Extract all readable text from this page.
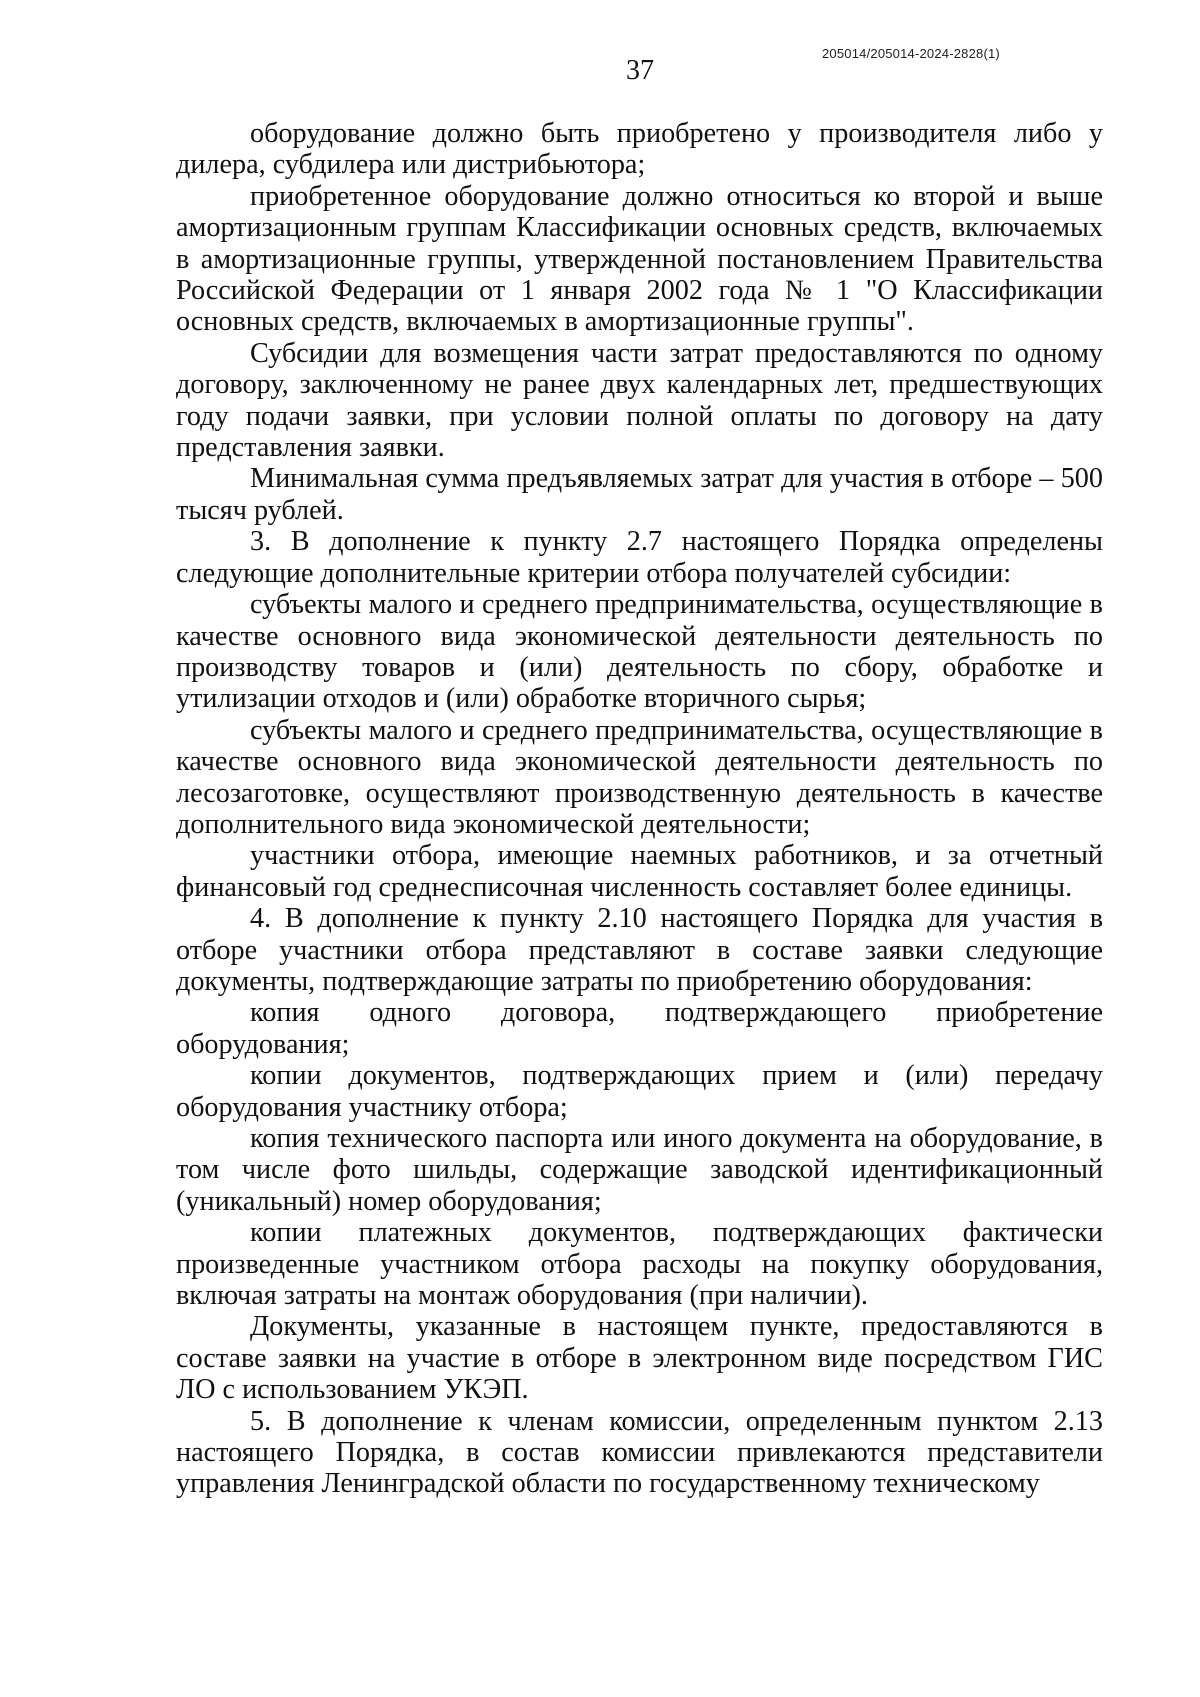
205014/205014-2024-2828(1)
37

оборудование должно быть приобретено у производителя либо у дилера, субдилера или дистрибьютора;

приобретенное оборудование должно относиться ко второй и выше амортизационным группам Классификации основных средств, включаемых в амортизационные группы, утвержденной постановлением Правительства Российской Федерации от 1 января 2002 года № 1 "О Классификации основных средств, включаемых в амортизационные группы".

Субсидии для возмещения части затрат предоставляются по одному договору, заключенному не ранее двух календарных лет, предшествующих году подачи заявки, при условии полной оплаты по договору на дату представления заявки.

Минимальная сумма предъявляемых затрат для участия в отборе – 500 тысяч рублей.

3. В дополнение к пункту 2.7 настоящего Порядка определены следующие дополнительные критерии отбора получателей субсидии:

субъекты малого и среднего предпринимательства, осуществляющие в качестве основного вида экономической деятельности деятельность по производству товаров и (или) деятельность по сбору, обработке и утилизации отходов и (или) обработке вторичного сырья;

субъекты малого и среднего предпринимательства, осуществляющие в качестве основного вида экономической деятельности деятельность по лесозаготовке, осуществляют производственную деятельность в качестве дополнительного вида экономической деятельности;

участники отбора, имеющие наемных работников, и за отчетный финансовый год среднесписочная численность составляет более единицы.

4. В дополнение к пункту 2.10 настоящего Порядка для участия в отборе участники отбора представляют в составе заявки следующие документы, подтверждающие затраты по приобретению оборудования:

копия одного договора, подтверждающего приобретение оборудования;

копии документов, подтверждающих прием и (или) передачу оборудования участнику отбора;

копия технического паспорта или иного документа на оборудование, в том числе фото шильды, содержащие заводской идентификационный (уникальный) номер оборудования;

копии платежных документов, подтверждающих фактически произведенные участником отбора расходы на покупку оборудования, включая затраты на монтаж оборудования (при наличии).

Документы, указанные в настоящем пункте, предоставляются в составе заявки на участие в отборе в электронном виде посредством ГИС ЛО с использованием УКЭП.

5. В дополнение к членам комиссии, определенным пунктом 2.13 настоящего Порядка, в состав комиссии привлекаются представители управления Ленинградской области по государственному техническому
